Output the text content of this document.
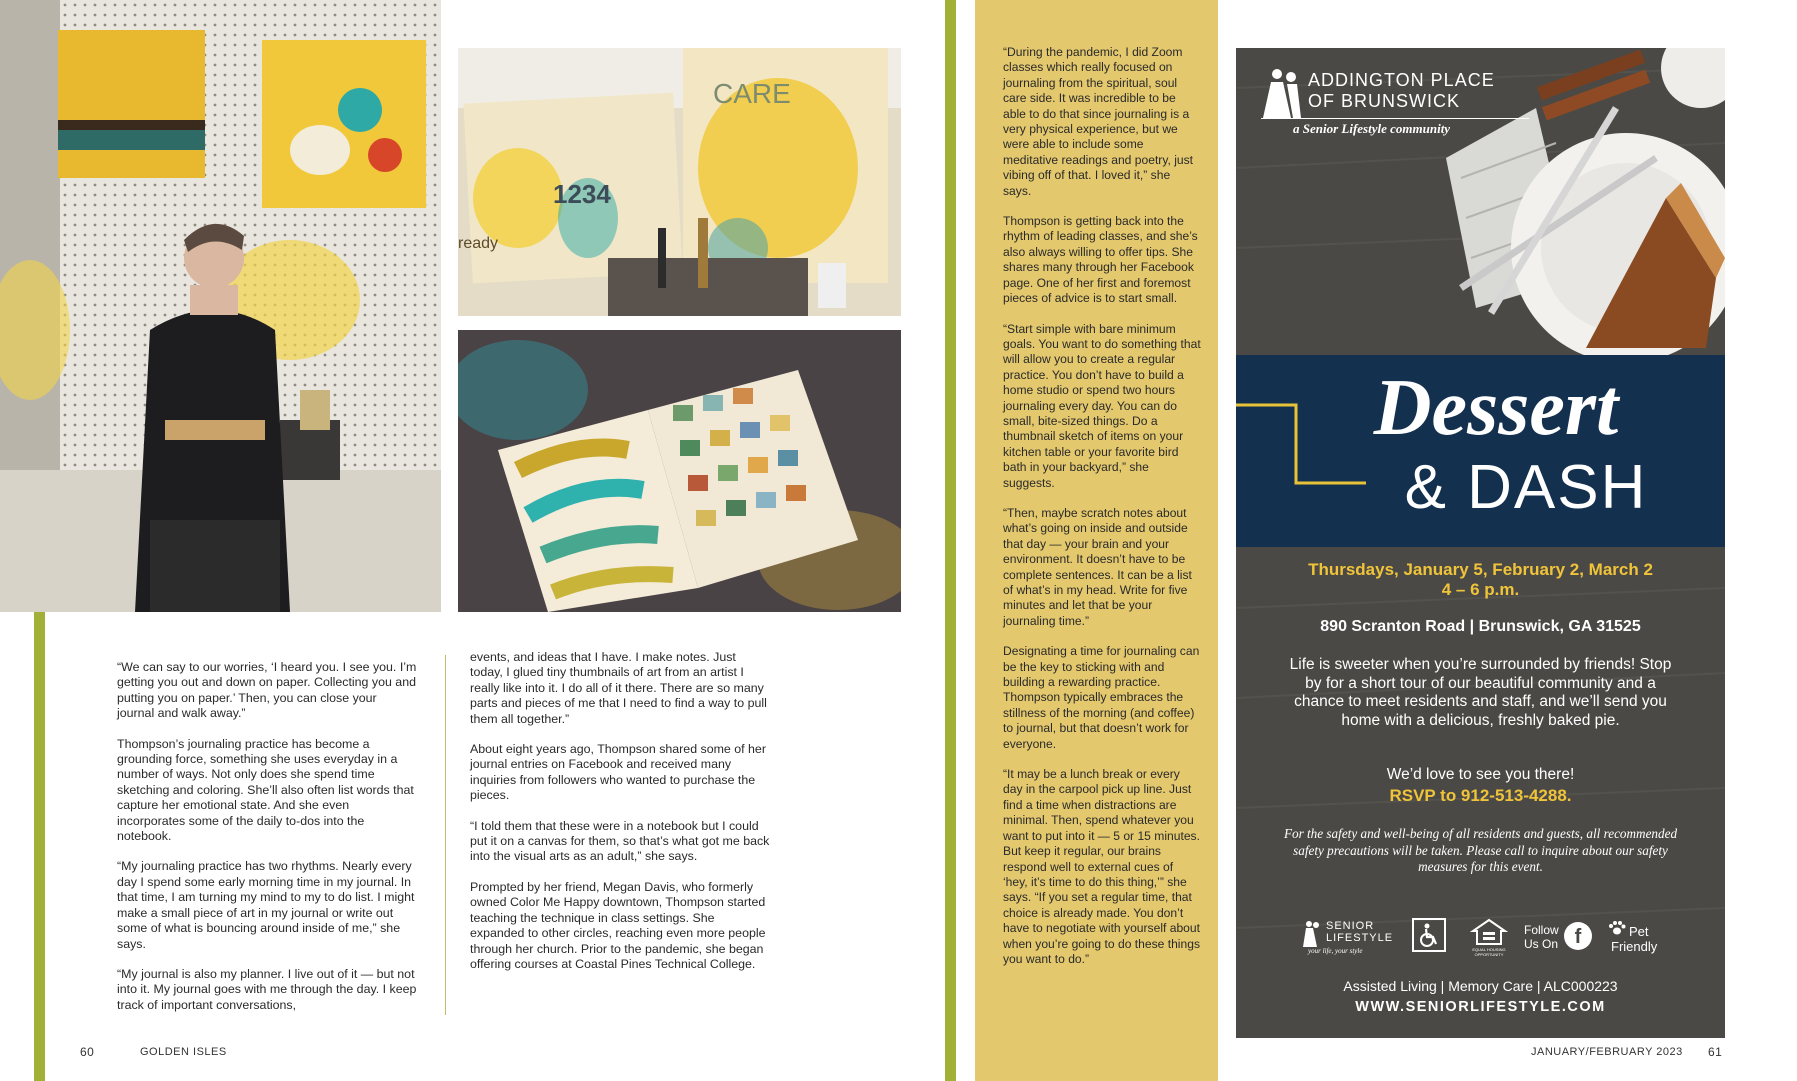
CARE
1234
ready

“We can say to our worries, ‘I heard you. I see you. I’m getting you out and down on paper. Collecting you and putting you on paper.’ Then, you can close your journal and walk away.”

Thompson’s journaling practice has become a grounding force, something she uses everyday in a number of ways. Not only does she spend time sketching and coloring. She’ll also often list words that capture her emotional state. And she even incorporates some of the daily to-dos into the notebook.

“My journaling practice has two rhythms. Nearly every day I spend some early morning time in my journal. In that time, I am turning my mind to my to do list. I might make a small piece of art in my journal or write out some of what is bouncing around inside of me,” she says.

“My journal is also my planner. I live out of it — but not into it. My journal goes with me through the day. I keep track of important conversations,

events, and ideas that I have. I make notes. Just today, I glued tiny thumbnails of art from an artist I really like into it. I do all of it there. There are so many parts and pieces of me that I need to find a way to pull them all together.”

About eight years ago, Thompson shared some of her journal entries on Facebook and received many inquiries from followers who wanted to purchase the pieces.

“I told them that these were in a notebook but I could put it on a canvas for them, so that’s what got me back into the visual arts as an adult,” she says.

Prompted by her friend, Megan Davis, who formerly owned Color Me Happy downtown, Thompson started teaching the technique in class settings. She expanded to other circles, reaching even more people through her church. Prior to the pandemic, she began offering courses at Coastal Pines Technical College.

60	GOLDEN ISLES

“During the pandemic, I did Zoom classes which really focused on journaling from the spiritual, soul care side. It was incredible to be able to do that since journaling is a very physical experience, but we were able to include some meditative readings and poetry, just vibing off of that. I loved it,” she says.

Thompson is getting back into the rhythm of leading classes, and she’s also always willing to offer tips. She shares many through her Facebook page. One of her first and foremost pieces of advice is to start small.

“Start simple with bare minimum goals. You want to do something that will allow you to create a regular practice. You don’t have to build a home studio or spend two hours journaling every day. You can do small, bite-sized things. Do a thumbnail sketch of items on your kitchen table or your favorite bird bath in your backyard,” she suggests.

“Then, maybe scratch notes about what’s going on inside and outside that day — your brain and your environment. It doesn’t have to be complete sentences. It can be a list of what’s in my head. Write for five minutes and let that be your journaling time.”

Designating a time for journaling can be the key to sticking with and building a rewarding practice. Thompson typically embraces the stillness of the morning (and coffee) to journal, but that doesn’t work for everyone.

“It may be a lunch break or every day in the carpool pick up line. Just find a time when distractions are minimal. Then, spend whatever you want to put into it — 5 or 15 minutes. But keep it regular, our brains respond well to external cues of ‘hey, it’s time to do this thing,’” she says. “If you set a regular time, that choice is already made. You don’t have to negotiate with yourself about when you’re going to do these things you want to do.”

ADDINGTON PLACE
OF BRUNSWICK
a Senior Lifestyle community
Dessert
& DASH
Thursdays, January 5, February 2, March 2
4 – 6 p.m.
890 Scranton Road | Brunswick, GA 31525
Life is sweeter when you’re surrounded by friends! Stop by for a short tour of our beautiful community and a chance to meet residents and staff, and we’ll send you home with a delicious, freshly baked pie.
We’d love to see you there!
RSVP to 912-513-4288.
For the safety and well-being of all residents and guests, all recommended safety precautions will be taken. Please call to inquire about our safety measures for this event.
SENIOR
LIFESTYLE
your life, your style	EQUAL HOUSING OPPORTUNITY
Follow
Us On f	Pet
Friendly
Assisted Living | Memory Care | ALC000223
WWW.SENIORLIFESTYLE.COM
JANUARY/FEBRUARY 2023 61
